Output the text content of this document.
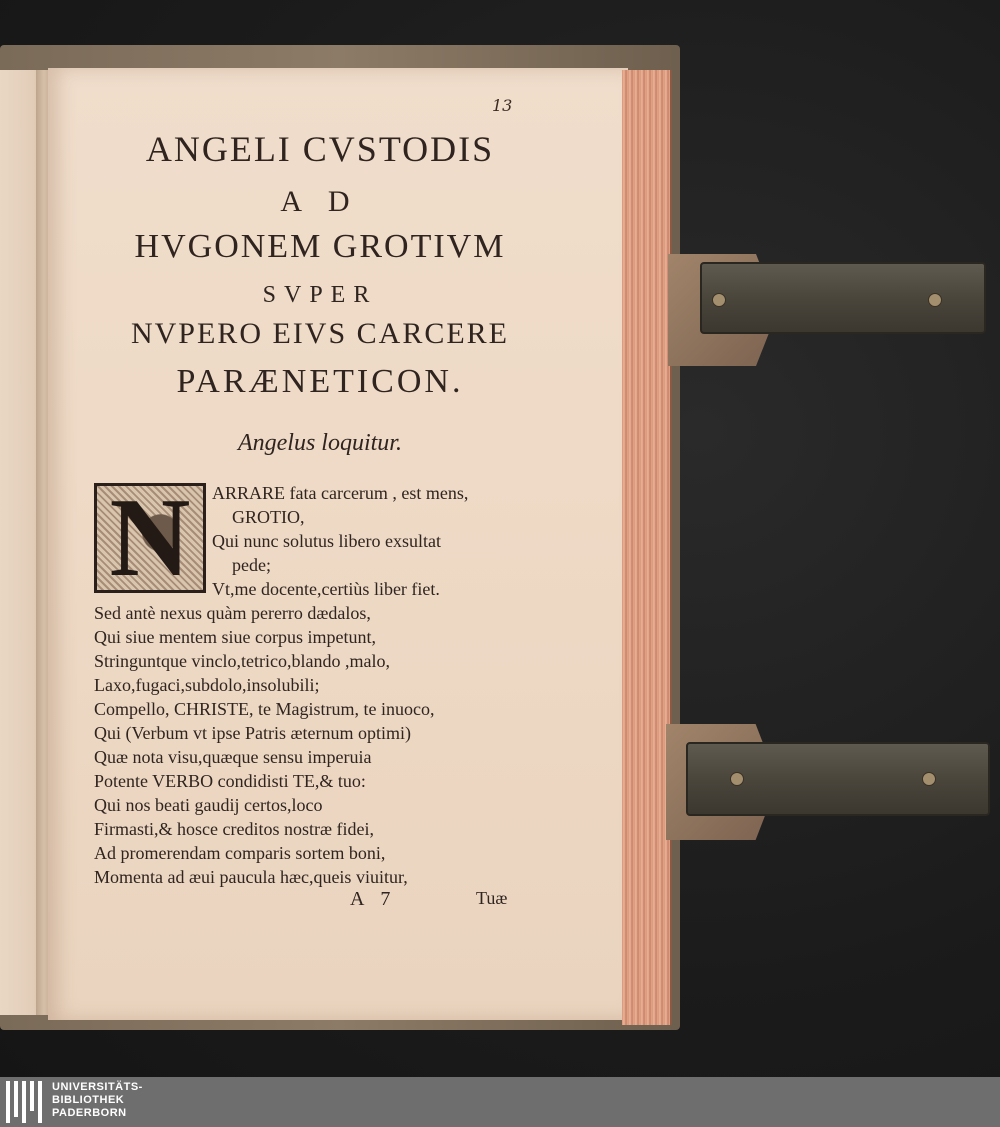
13
ANGELI CVSTODIS
A D
HVGONEM GROTIVM
SVPER
NVPERO EIVS CARCERE
PARÆNETICON.
Angelus loquitur.
N	ARRARE fata carcerum , est mens,
GROTIO,
Qui nunc solutus libero exsultat
pede;
Vt,me docente,certiùs liber fiet.
Sed antè nexus quàm pererro dædalos,
Qui siue mentem siue corpus impetunt,
Stringuntque vinclo,tetrico,blando ,malo,
Laxo,fugaci,subdolo,insolubili;
Compello, CHRISTE, te Magistrum, te inuoco,
Qui (Verbum vt ipse Patris æternum optimi)
Quæ nota visu,quæque sensu imperuia
Potente VERBO condidisti TE,& tuo:
Qui nos beati gaudij certos,loco
Firmasti,& hosce creditos nostræ fidei,
Ad promerendam comparis sortem boni,
Momenta ad æui paucula hæc,queis viuitur,
A 7	Tuæ
UNIVERSITÄTS-
BIBLIOTHEK
PADERBORN
